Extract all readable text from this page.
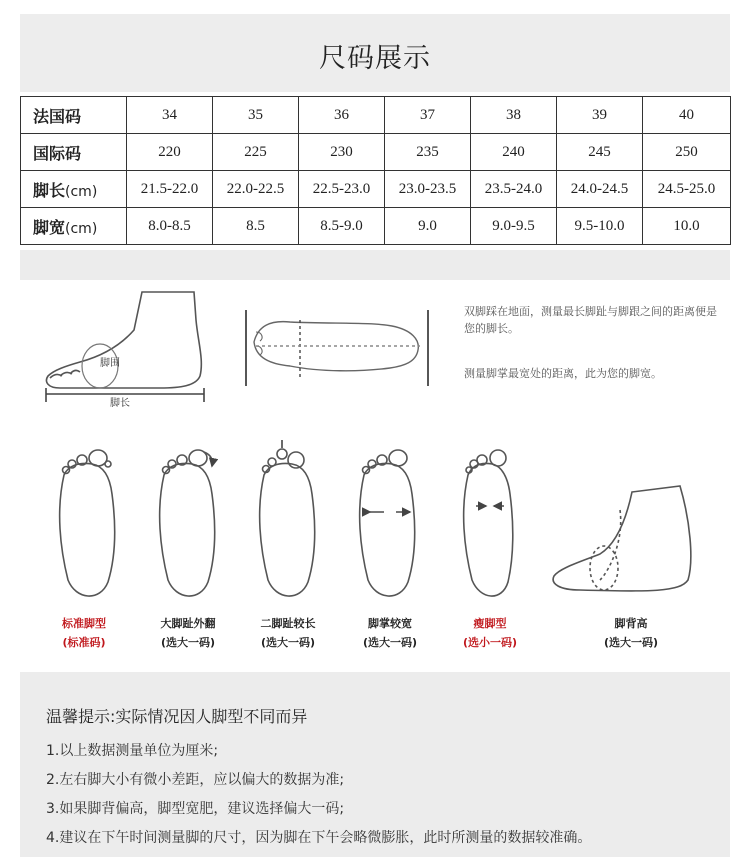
尺码展示
法国码	34	35	36	37	38	39	40
国际码	220	225	230	235	240	245	250
脚长(cm)	21.5-22.0	22.0-22.5	22.5-23.0	23.0-23.5	23.5-24.0	24.0-24.5	24.5-25.0
脚宽(cm)	8.0-8.5	8.5	8.5-9.0	9.0	9.0-9.5	9.5-10.0	10.0
脚围
脚长
双脚踩在地面，测量最长脚趾与脚跟之间的距离便是您的脚长。
测量脚掌最宽处的距离，此为您的脚宽。
标准脚型
(标准码)
大脚趾外翻
(选大一码)
二脚趾较长
(选大一码)
脚掌较宽
(选大一码)
瘦脚型
(选小一码)
脚背高
(选大一码)
温馨提示:实际情况因人脚型不同而异
1.以上数据测量单位为厘米;
2.左右脚大小有微小差距，应以偏大的数据为准;
3.如果脚背偏高，脚型宽肥，建议选择偏大一码;
4.建议在下午时间测量脚的尺寸，因为脚在下午会略微膨胀，此时所测量的数据较准确。
